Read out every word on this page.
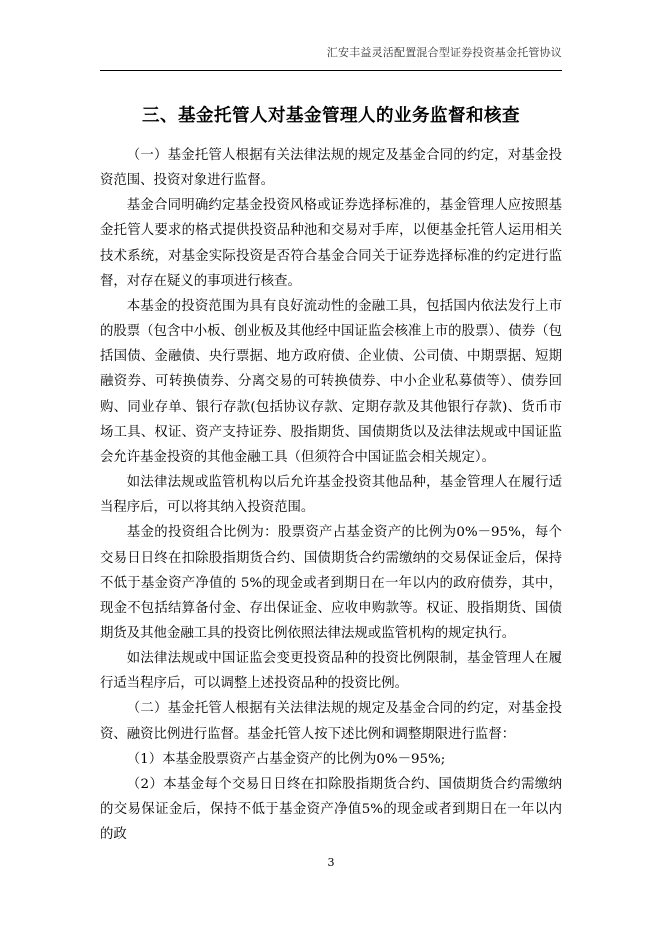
汇安丰益灵活配置混合型证券投资基金托管协议
三、基金托管人对基金管理人的业务监督和核查

（一）基金托管人根据有关法律法规的规定及基金合同的约定，对基金投资范围、投资对象进行监督。

基金合同明确约定基金投资风格或证券选择标准的，基金管理人应按照基金托管人要求的格式提供投资品种池和交易对手库，以便基金托管人运用相关技术系统，对基金实际投资是否符合基金合同关于证券选择标准的约定进行监督，对存在疑义的事项进行核查。

本基金的投资范围为具有良好流动性的金融工具，包括国内依法发行上市的股票（包含中小板、创业板及其他经中国证监会核准上市的股票）、债券（包括国债、金融债、央行票据、地方政府债、企业债、公司债、中期票据、短期融资券、可转换债券、分离交易的可转换债券、中小企业私募债等）、债券回购、同业存单、银行存款(包括协议存款、定期存款及其他银行存款)、货币市场工具、权证、资产支持证券、股指期货、国债期货以及法律法规或中国证监会允许基金投资的其他金融工具（但须符合中国证监会相关规定）。

如法律法规或监管机构以后允许基金投资其他品种，基金管理人在履行适当程序后，可以将其纳入投资范围。

基金的投资组合比例为：股票资产占基金资产的比例为0%－95%，每个交易日日终在扣除股指期货合约、国债期货合约需缴纳的交易保证金后，保持不低于基金资产净值的 5%的现金或者到期日在一年以内的政府债券，其中，现金不包括结算备付金、存出保证金、应收申购款等。权证、股指期货、国债期货及其他金融工具的投资比例依照法律法规或监管机构的规定执行。

如法律法规或中国证监会变更投资品种的投资比例限制，基金管理人在履行适当程序后，可以调整上述投资品种的投资比例。

（二）基金托管人根据有关法律法规的规定及基金合同的约定，对基金投资、融资比例进行监督。基金托管人按下述比例和调整期限进行监督：

（1）本基金股票资产占基金资产的比例为0%－95%;

（2）本基金每个交易日日终在扣除股指期货合约、国债期货合约需缴纳的交易保证金后，保持不低于基金资产净值5%的现金或者到期日在一年以内的政

3
